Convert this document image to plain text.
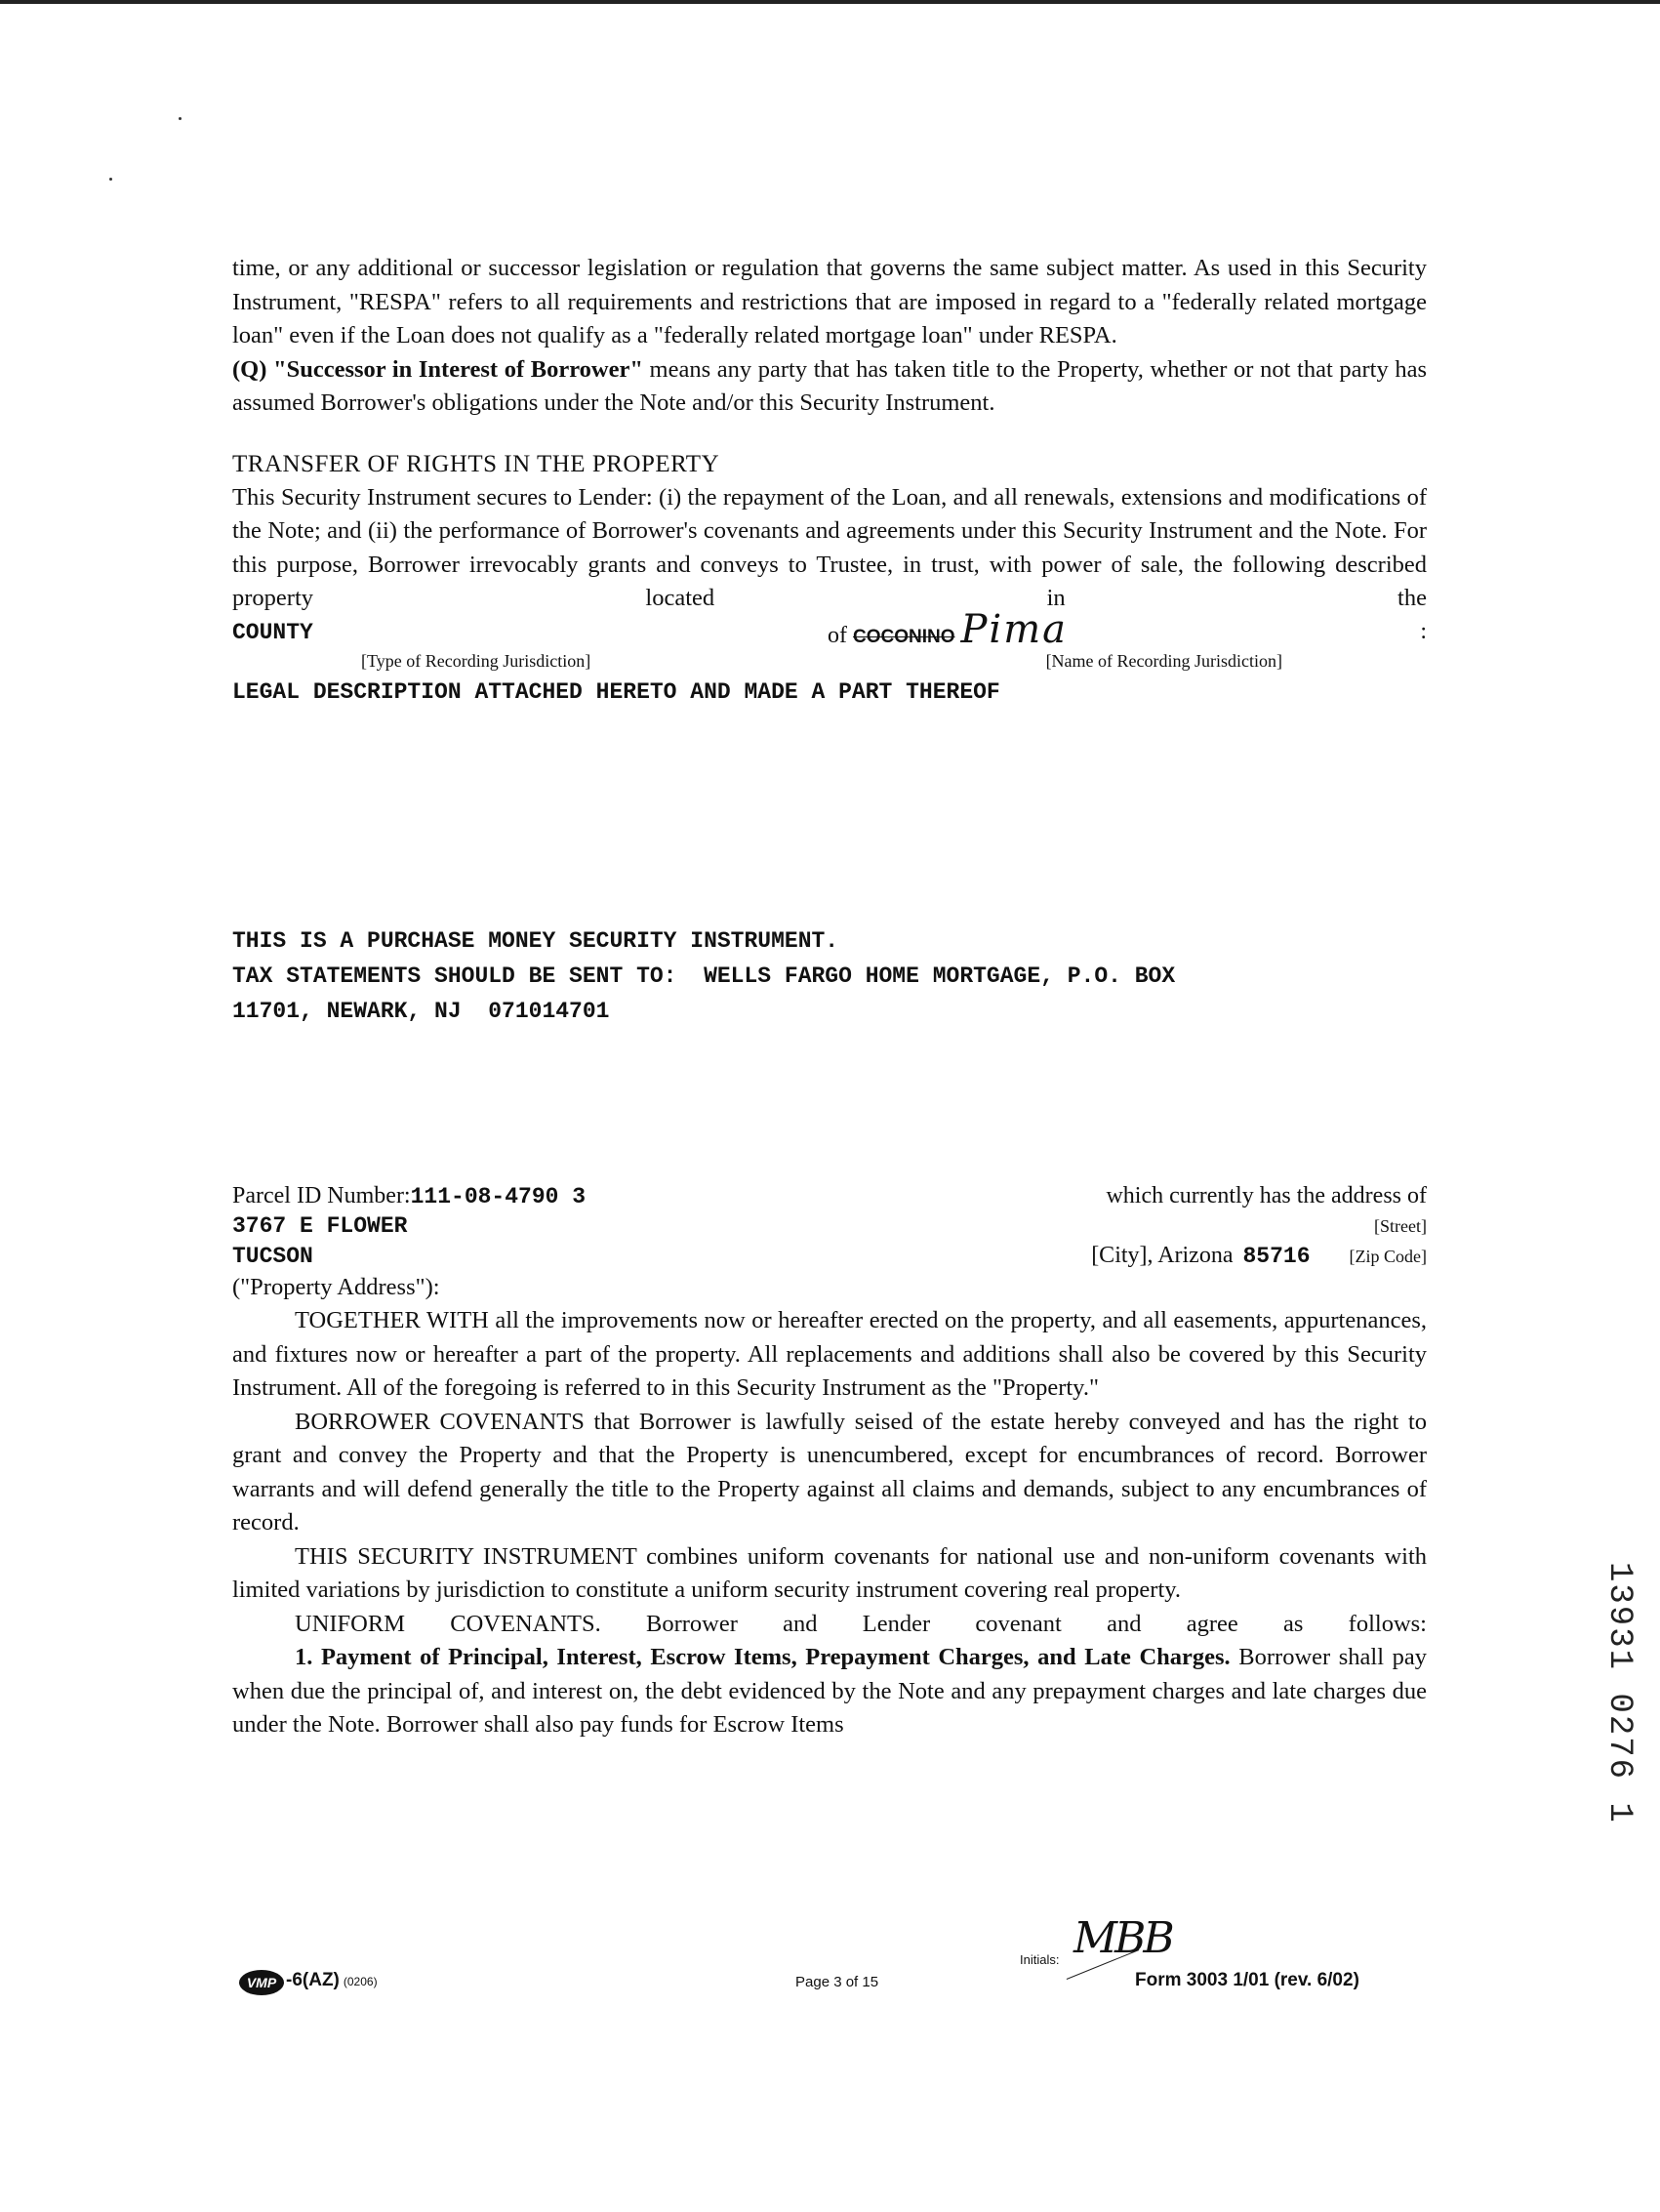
time, or any additional or successor legislation or regulation that governs the same subject matter. As used in this Security Instrument, "RESPA" refers to all requirements and restrictions that are imposed in regard to a "federally related mortgage loan" even if the Loan does not qualify as a "federally related mortgage loan" under RESPA.

(Q) "Successor in Interest of Borrower" means any party that has taken title to the Property, whether or not that party has assumed Borrower's obligations under the Note and/or this Security Instrument.

TRANSFER OF RIGHTS IN THE PROPERTY

This Security Instrument secures to Lender: (i) the repayment of the Loan, and all renewals, extensions and modifications of the Note; and (ii) the performance of Borrower's covenants and agreements under this Security Instrument and the Note. For this purpose, Borrower irrevocably grants and conveys to Trustee, in trust, with power of sale, the following described property located in the

COUNTY	of COCONINO Pima	:
[Type of Recording Jurisdiction]	[Name of Recording Jurisdiction]
LEGAL DESCRIPTION ATTACHED HERETO AND MADE A PART THEREOF
THIS IS A PURCHASE MONEY SECURITY INSTRUMENT.
TAX STATEMENTS SHOULD BE SENT TO:  WELLS FARGO HOME MORTGAGE, P.O. BOX
11701, NEWARK, NJ  071014701
Parcel ID Number:111-08-4790 3	which currently has the address of
3767 E FLOWER	[Street]
TUCSON	[City], Arizona 85716 [Zip Code]

("Property Address"):

TOGETHER WITH all the improvements now or hereafter erected on the property, and all easements, appurtenances, and fixtures now or hereafter a part of the property. All replacements and additions shall also be covered by this Security Instrument. All of the foregoing is referred to in this Security Instrument as the "Property."

BORROWER COVENANTS that Borrower is lawfully seised of the estate hereby conveyed and has the right to grant and convey the Property and that the Property is unencumbered, except for encumbrances of record. Borrower warrants and will defend generally the title to the Property against all claims and demands, subject to any encumbrances of record.

THIS SECURITY INSTRUMENT combines uniform covenants for national use and non-uniform covenants with limited variations by jurisdiction to constitute a uniform security instrument covering real property.

UNIFORM COVENANTS. Borrower and Lender covenant and agree as follows:

1. Payment of Principal, Interest, Escrow Items, Prepayment Charges, and Late Charges. Borrower shall pay when due the principal of, and interest on, the debt evidenced by the Note and any prepayment charges and late charges due under the Note. Borrower shall also pay funds for Escrow Items	13931 0276 1
VMP -6(AZ) (0206)	Page 3 of 15
Initials: MBB
Form 3003 1/01 (rev. 6/02)
